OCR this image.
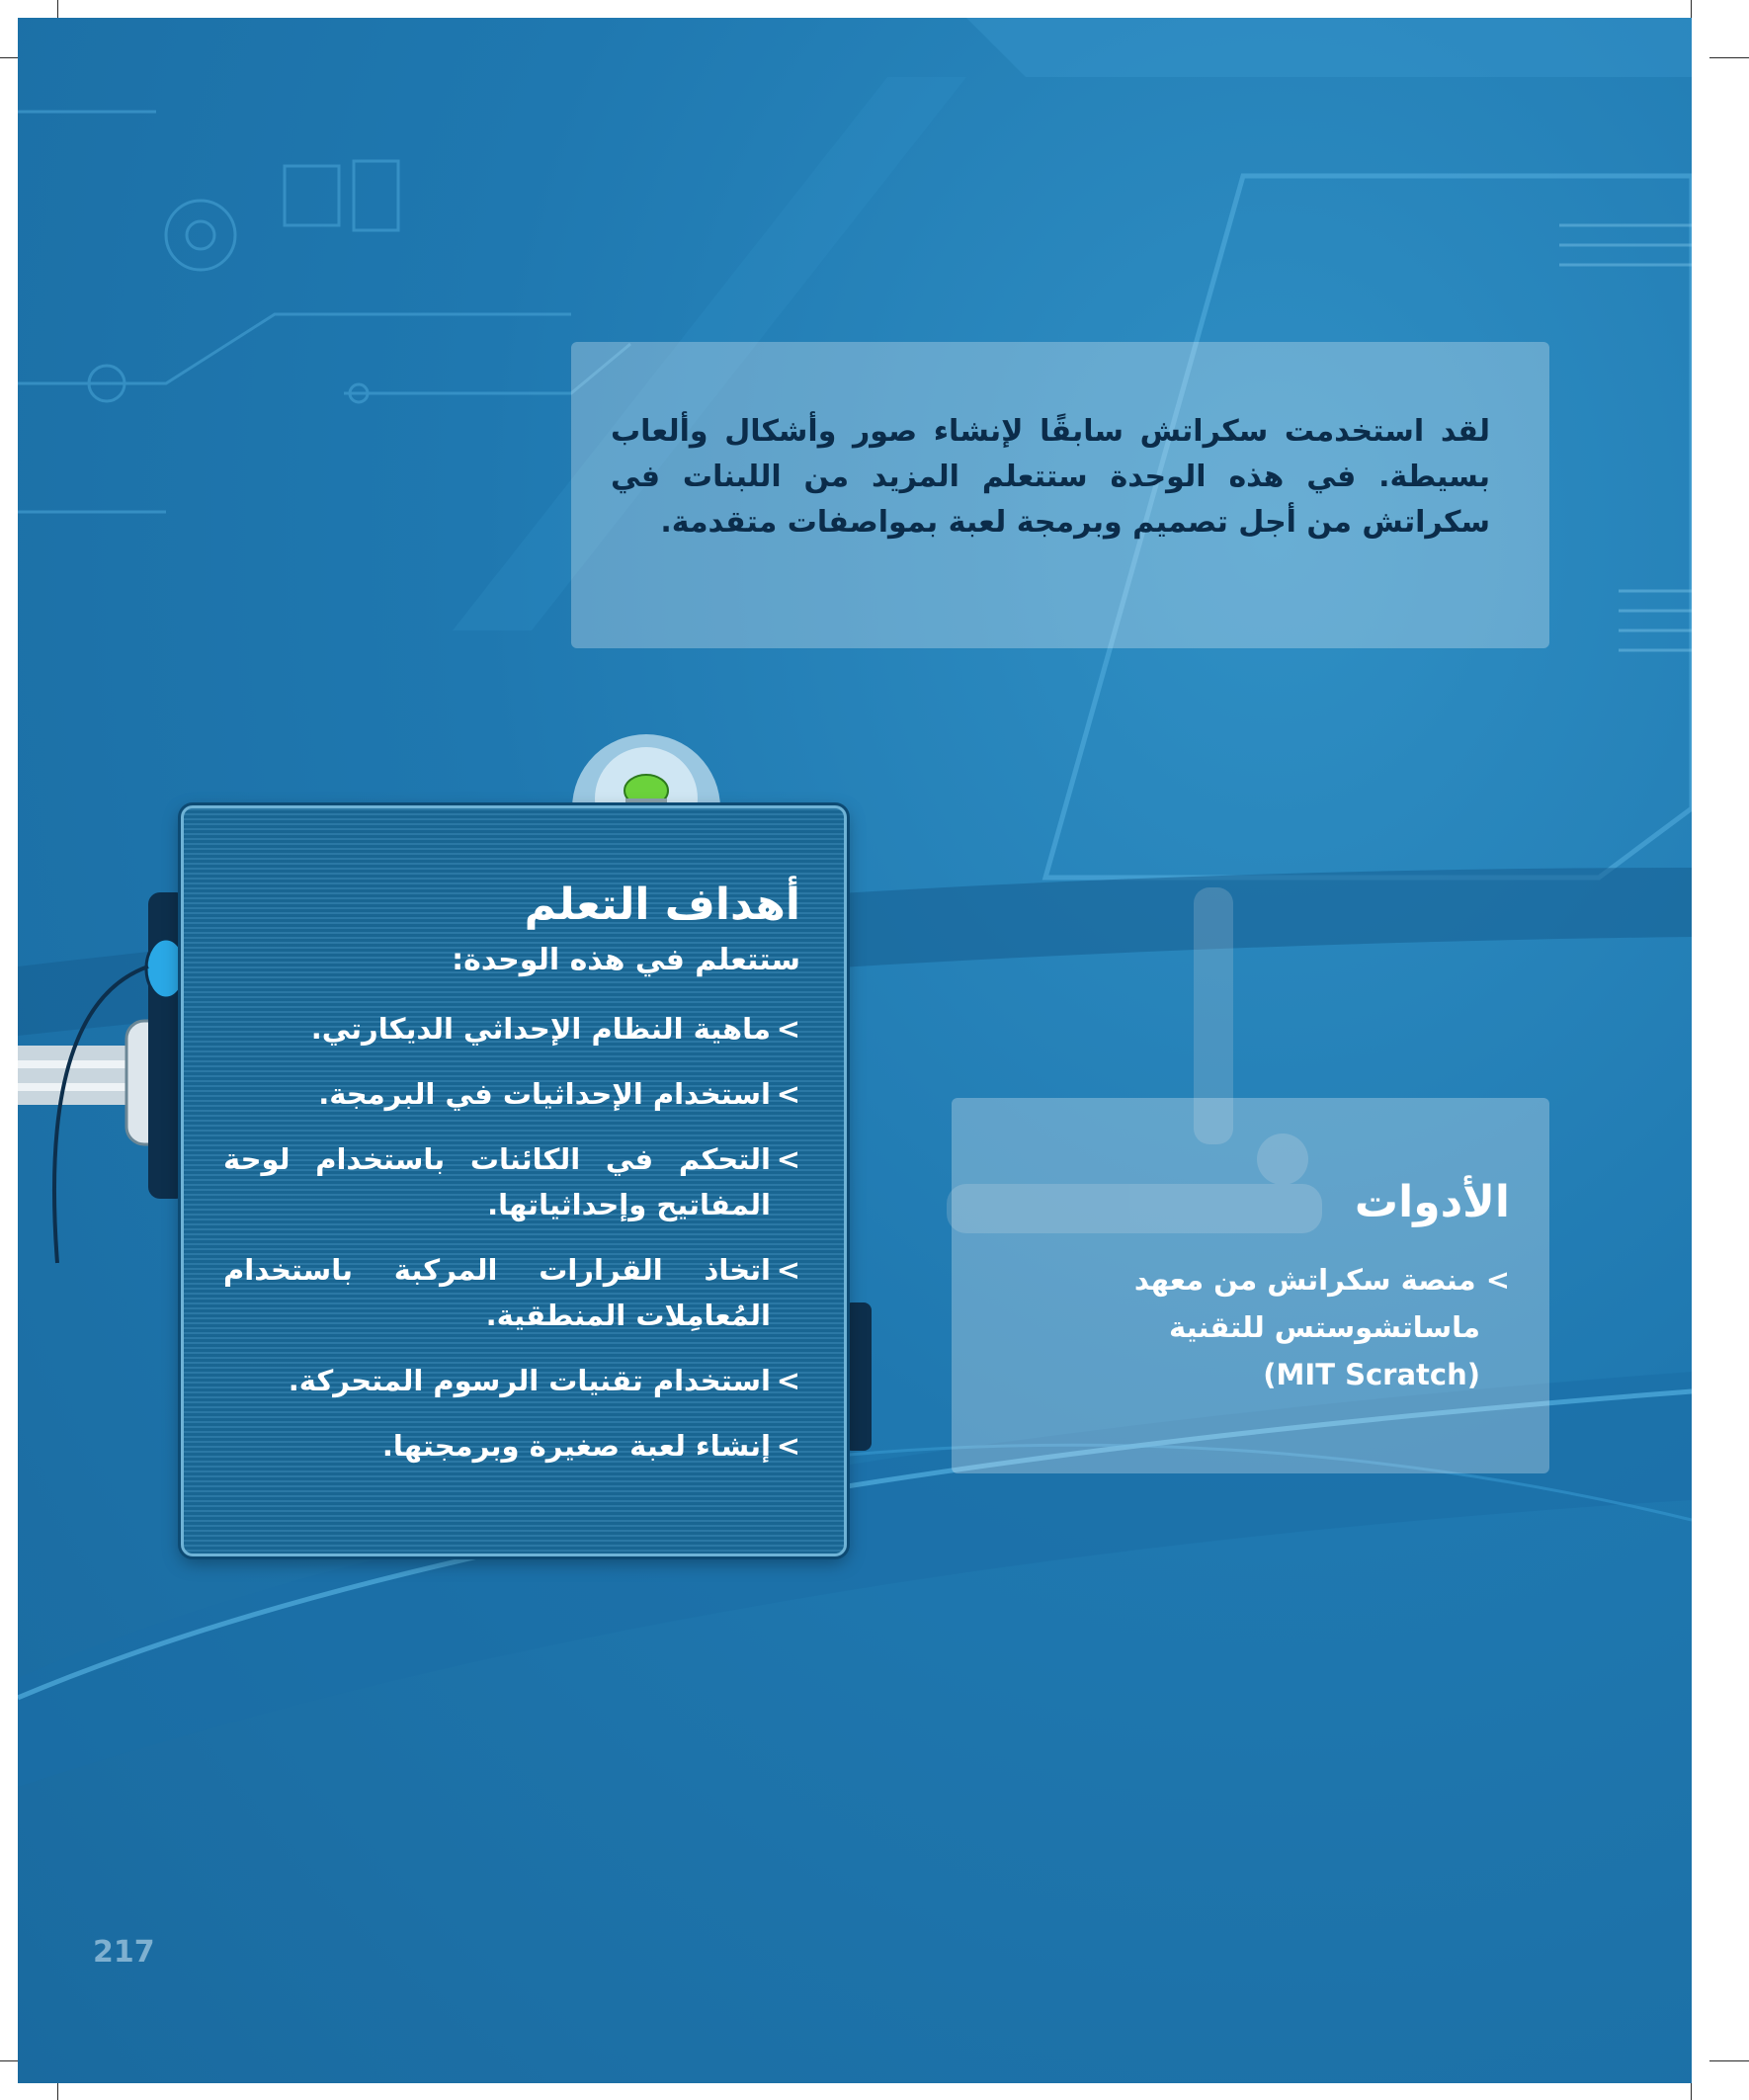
لقد استخدمت سكراتش سابقًا لإنشاء صور وأشكال وألعاب بسيطة. في هذه الوحدة ستتعلم المزيد من اللبنات في سكراتش من أجل تصميم وبرمجة لعبة بمواصفات متقدمة.

أهداف التعلم
ستتعلم في هذه الوحدة:
>
ماهية النظام الإحداثي الديكارتي.
>
استخدام الإحداثيات في البرمجة.
>
التحكم في الكائنات باستخدام لوحة المفاتيح وإحداثياتها.
>
اتخاذ القرارات المركبة باستخدام المُعامِلات المنطقية.
>
استخدام تقنيات الرسوم المتحركة.
>
إنشاء لعبة صغيرة وبرمجتها.
الأدوات
> منصة سكراتش من معهد
ماساتشوستس للتقنية
(MIT Scratch)
217
